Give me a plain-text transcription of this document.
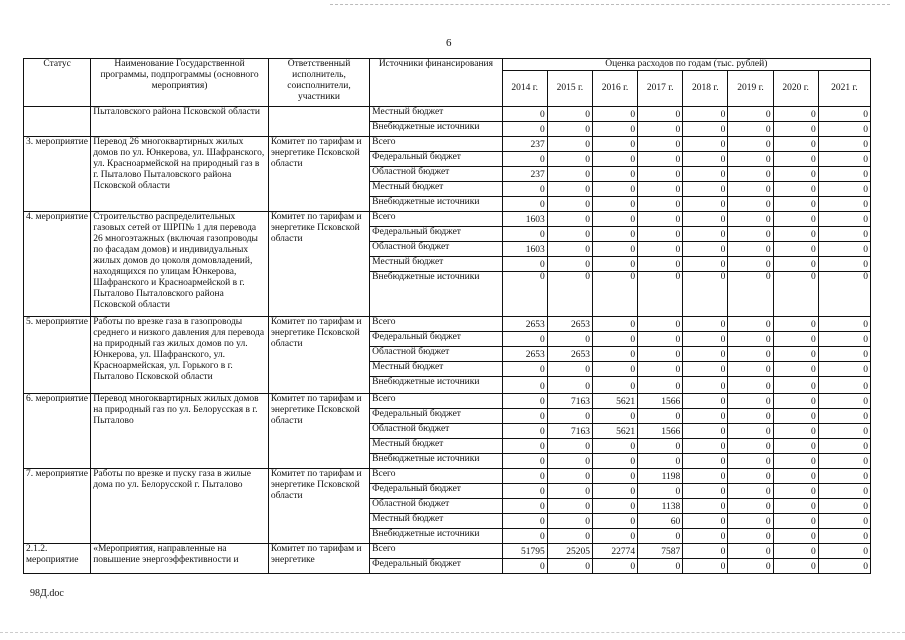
6
Статус	Наименование Государственной программы, подпрограммы (основного мероприятия)	Ответственный исполнитель, соисполнители, участники	Источники финансирования	Оценка расходов по годам (тыс. рублей)							
				2014 г.	2015 г.	2016 г.	2017 г.	2018 г.	2019 г.	2020 г.	2021 г.
	Пыталовского района Псковской области		Местный бюджет	0	0	0	0	0	0	0	0
			Внебюджетные источники	0	0	0	0	0	0	0	0
3. мероприятие	Перевод 26 многоквартирных жилых домов по ул. Юнкерова, ул. Шафранского, ул. Красноармейской на природный газ в г. Пыталово Пыталовского района Псковской области	Комитет по тарифам и энергетике Псковской области	Всего	237	0	0	0	0	0	0	0
			Федеральный бюджет	0	0	0	0	0	0	0	0
			Областной бюджет	237	0	0	0	0	0	0	0
			Местный бюджет	0	0	0	0	0	0	0	0
			Внебюджетные источники	0	0	0	0	0	0	0	0
4. мероприятие	Строительство распределительных газовых сетей от ШРП№ 1 для перевода 26 многоэтажных (включая газопроводы по фасадам домов) и индивидуальных жилых домов до цоколя домовладений, находящихся по улицам Юнкерова, Шафранского и Красноармейской в г. Пыталово Пыталовского района Псковской области	Комитет по тарифам и энергетике Псковской области	Всего	1603	0	0	0	0	0	0	0
			Федеральный бюджет	0	0	0	0	0	0	0	0
			Областной бюджет	1603	0	0	0	0	0	0	0
			Местный бюджет	0	0	0	0	0	0	0	0
			Внебюджетные источники	0	0	0	0	0	0	0	0
5. мероприятие	Работы по врезке газа в газопроводы среднего и низкого давления для перевода на природный газ жилых домов по ул. Юнкерова, ул. Шафранского, ул. Красноармейская, ул. Горького в г. Пыталово Псковской области	Комитет по тарифам и энергетике Псковской области	Всего	2653	2653	0	0	0	0	0	0
			Федеральный бюджет	0	0	0	0	0	0	0	0
			Областной бюджет	2653	2653	0	0	0	0	0	0
			Местный бюджет	0	0	0	0	0	0	0	0
			Внебюджетные источники	0	0	0	0	0	0	0	0
6. мероприятие	Перевод многоквартирных жилых домов на природный газ по ул. Белорусская в г. Пыталово	Комитет по тарифам и энергетике Псковской области	Всего	0	7163	5621	1566	0	0	0	0
			Федеральный бюджет	0	0	0	0	0	0	0	0
			Областной бюджет	0	7163	5621	1566	0	0	0	0
			Местный бюджет	0	0	0	0	0	0	0	0
			Внебюджетные источники	0	0	0	0	0	0	0	0
7. мероприятие	Работы по врезке и пуску газа в жилые дома по ул. Белорусской г. Пыталово	Комитет по тарифам и энергетике Псковской области	Всего	0	0	0	1198	0	0	0	0
			Федеральный бюджет	0	0	0	0	0	0	0	0
			Областной бюджет	0	0	0	1138	0	0	0	0
			Местный бюджет	0	0	0	60	0	0	0	0
			Внебюджетные источники	0	0	0	0	0	0	0	0
2.1.2. мероприятие	«Мероприятия, направленные на повышение энергоэффективности и	Комитет по тарифам и энергетике	Всего	51795	25205	22774	7587	0	0	0	0
			Федеральный бюджет	0	0	0	0	0	0	0	0
98Д.doc
